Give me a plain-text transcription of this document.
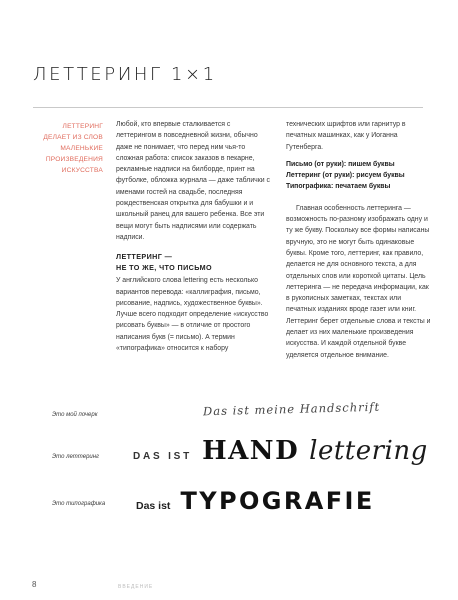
ЛЕТТЕРИНГ 1×1
ЛЕТТЕРИНГ
ДЕЛАЕТ ИЗ СЛОВ
МАЛЕНЬКИЕ
ПРОИЗВЕДЕНИЯ
ИСКУССТВА

Любой, кто впервые сталкивается с леттерингом в повседневной жизни, обычно даже не понимает, что перед ним чья-то сложная работа: список заказов в пекарне, рекламные надписи на билборде, принт на футболке, обложка журнала — даже таблички с именами гостей на свадьбе, последняя рождественская открытка для бабушки и и школьный ранец для вашего ребенка. Все эти вещи могут быть надписями или содержать надписи.

ЛЕТТЕРИНГ —
НЕ ТО ЖЕ, ЧТО ПИСЬМО

У английского слова lettering есть несколько вариантов перевода: «каллиграфия, письмо, рисование, надпись, художественное буквы». Лучше всего подходит определение «искусство рисовать буквы» — в отличие от простого написания букв (= письмо). А термин «типографика» относится к набору

технических шрифтов или гарнитур в печатных машинках, как у Иоганна Гутенберга.

Письмо (от руки): пишем буквы
Леттеринг (от руки): рисуем буквы
Типографика: печатаем буквы

Главная особенность леттеринга — возможность по-разному изображать одну и ту же букву. Поскольку все формы написаны вручную, это не могут быть одинаковые буквы. Кроме того, леттеринг, как правило, делается не для основного текста, а для отдельных слов или короткой цитаты. Цель леттеринга — не передача информации, как в рукописных заметках, текстах или печатных изданиях вроде газет или книг. Леттеринг берет отдельные слова и тексты и делает из них маленькие произведения искусства. И каждой отдельной букве уделяется отдельное внимание.

Это мой почерк	Das ist meine Handschrift
Это леттеринг	DAS IST HAND lettering
Это типографика	Das ist TYPOGRAFIE
8	ВВЕДЕНИЕ
